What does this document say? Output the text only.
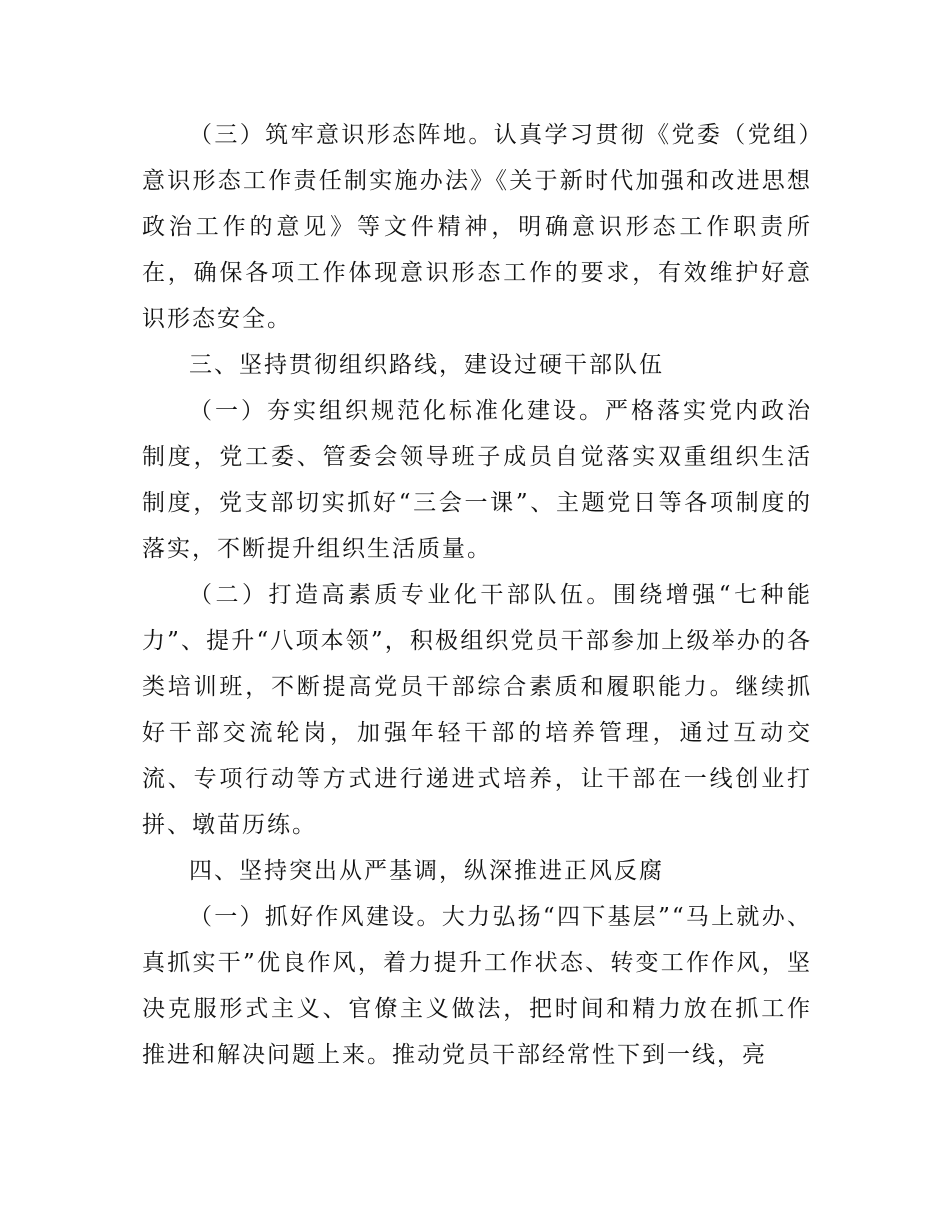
（三）筑牢意识形态阵地。认真学习贯彻《党委（党组）意识形态工作责任制实施办法》《关于新时代加强和改进思想政治工作的意见》等文件精神，明确意识形态工作职责所在，确保各项工作体现意识形态工作的要求，有效维护好意识形态安全。

三、坚持贯彻组织路线，建设过硬干部队伍

（一）夯实组织规范化标准化建设。严格落实党内政治制度，党工委、管委会领导班子成员自觉落实双重组织生活制度，党支部切实抓好“三会一课”、主题党日等各项制度的落实，不断提升组织生活质量。

（二）打造高素质专业化干部队伍。围绕增强“七种能力”、提升“八项本领”，积极组织党员干部参加上级举办的各类培训班，不断提高党员干部综合素质和履职能力。继续抓好干部交流轮岗，加强年轻干部的培养管理，通过互动交流、专项行动等方式进行递进式培养，让干部在一线创业打拼、墩苗历练。

四、坚持突出从严基调，纵深推进正风反腐

（一）抓好作风建设。大力弘扬“四下基层”“马上就办、真抓实干”优良作风，着力提升工作状态、转变工作作风，坚决克服形式主义、官僚主义做法，把时间和精力放在抓工作推进和解决问题上来。推动党员干部经常性下到一线，亮
